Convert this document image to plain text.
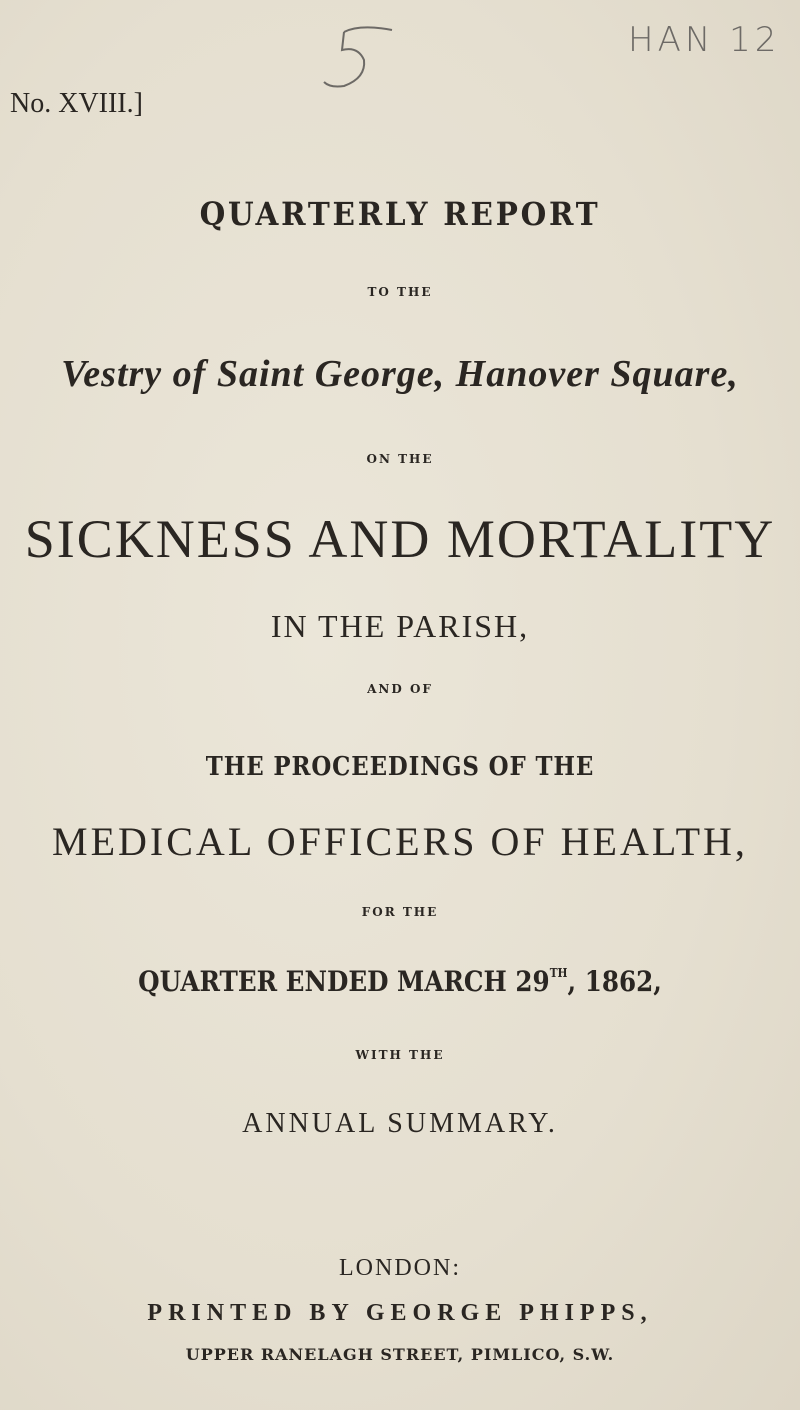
HAN 12
No. XVIII.]
QUARTERLY REPORT
TO THE
Vestry of Saint George, Hanover Square,
ON THE
SICKNESS AND MORTALITY
IN THE PARISH,
AND OF
THE PROCEEDINGS OF THE
MEDICAL OFFICERS OF HEALTH,
FOR THE
QUARTER ENDED MARCH 29TH, 1862,
WITH THE
ANNUAL SUMMARY.
LONDON:
PRINTED BY GEORGE PHIPPS,
UPPER RANELAGH STREET, PIMLICO, S.W.
